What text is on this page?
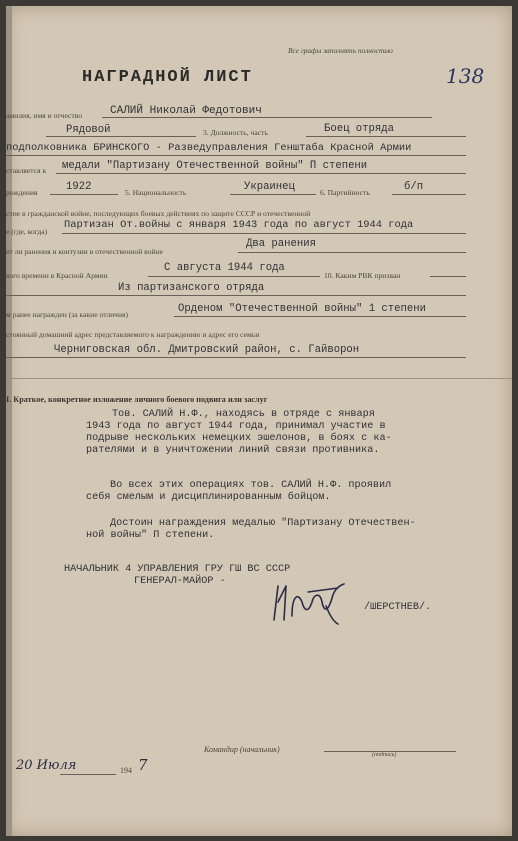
Все графы заполнять полностью
138
НАГРАДНОЙ ЛИСТ
амилия, имя и отчество	САЛИЙ Николай Федотович
Рядовой	3. Должность, часть	Боец отряда
подполковника БРИНСКОГО - Разведуправления Генштаба Красной Армии
ставляется к медали "Партизану Отечественной войны" П степени
рождения	1922	5. Национальность	Украинец	6. Партийность	б/п
стие в гражданской войне, последующих боевых действиях по защите СССР и отечественной
е (где, когда)
Партизан От.войны с января 1943 года по август 1944 года
ет ли ранения и контузии в отечественной войне
Два ранения
кого времени в Красной Армии
С августа 1944 года
10. Каким РВК призван
Из партизанского отряда
м ранее награжден (за какие отличия)	Орденом "Отечественной войны" 1 степени
стоянный домашний адрес представляемого к награждению и адрес его семьи
Черниговская обл. Дмитровский район, с. Гайворон
I. Краткое, конкретное изложение личного боевого подвига или заслуг
Тов. САЛИЙ Н.Ф., находясь в отряде с января
1943 года по август 1944 года, принимал участие в
подрыве нескольких немецких эшелонов, в боях с ка-
рателями и в уничтожении линий связи противника.
Во всех этих операциях тов. САЛИЙ Н.Ф. проявил
себя смелым и дисциплинированным бойцом.
Достоин награждения медалью "Партизану Отечествен-
ной войны" П степени.
НАЧАЛЬНИК 4 УПРАВЛЕНИЯ ГРУ ГШ ВС СССР
ГЕНЕРАЛ-МАЙОР -
/ШЕРСТНЕВ/.
20 Июля	194 7
Командир (начальник)
(подпись)
